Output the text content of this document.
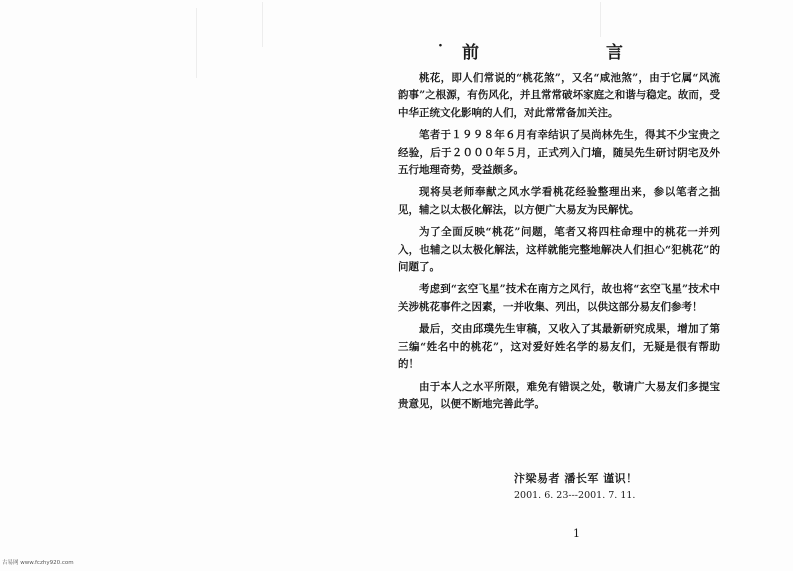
· 前	言

桃花，即人们常说的“桃花煞”，又名“咸池煞”，由于它属“风流韵事”之根源，有伤风化，并且常常破坏家庭之和谐与稳定。故而，受中华正统文化影响的人们，对此常常备加关注。

笔者于１９９８年６月有幸结识了吴尚林先生，得其不少宝贵之经验，后于２０００年５月，正式列入门墙，随吴先生研讨阴宅及外五行地理奇势，受益颇多。

现将吴老师奉献之风水学看桃花经验整理出来，参以笔者之拙见，辅之以太极化解法，以方便广大易友为民解忧。

为了全面反映“桃花”问题，笔者又将四柱命理中的桃花一并列入，也辅之以太极化解法，这样就能完整地解决人们担心“犯桃花”的问题了。

考虑到“玄空飞星”技术在南方之风行，故也将“玄空飞星”技术中关涉桃花事件之因素，一并收集、列出，以供这部分易友们参考！

最后，交由邱璞先生审稿，又收入了其最新研究成果，增加了第三编“姓名中的桃花”，这对爱好姓名学的易友们，无疑是很有帮助的！

由于本人之水平所限，难免有错误之处，敬请广大易友们多提宝贵意见，以便不断地完善此学。

汴梁易者 潘长军 谨识！
2001. 6. 23---2001. 7. 11.
1
古易网 www.fczhy920.com
